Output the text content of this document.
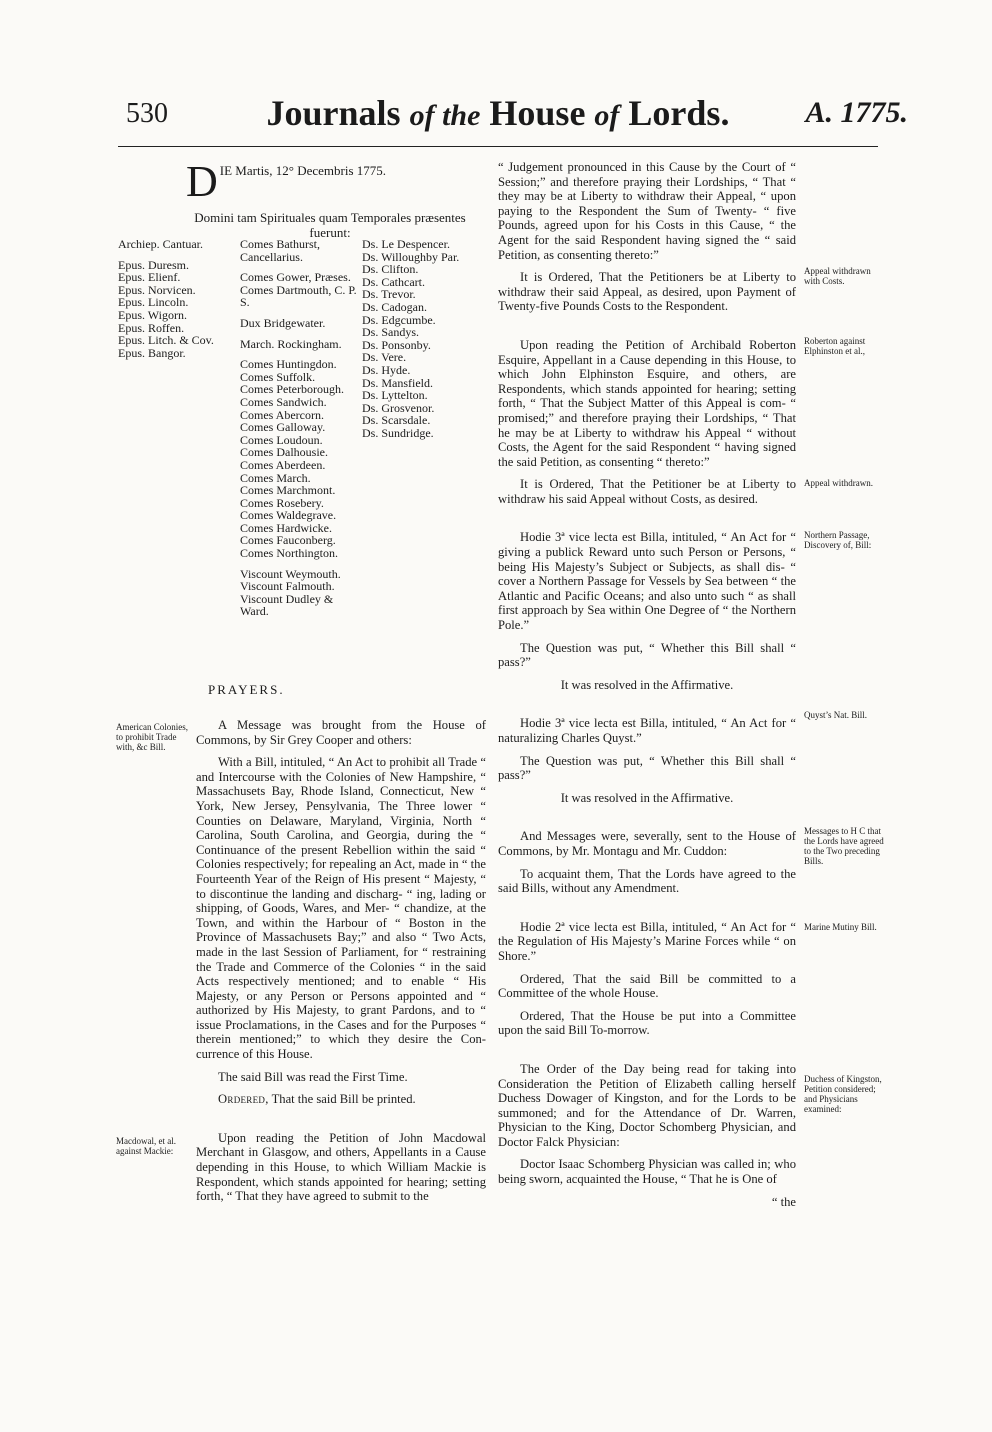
530	Journals of the House of Lords.	A. 1775.
D IE Martis, 12° Decembris 1775.
Domini tam Spirituales quam Temporales præsentes fuerunt:
Archiep. Cantuar.
Epus. Duresm.
Epus. Elienf.
Epus. Norvicen.
Epus. Lincoln.
Epus. Wigorn.
Epus. Roffen.
Epus. Litch. & Cov.
Epus. Bangor.
Comes Bathurst, Cancellarius.
Comes Gower, Præses.
Comes Dartmouth, C. P. S.
Dux Bridgewater.
March. Rockingham.
Comes Huntingdon.
Comes Suffolk.
Comes Peterborough.
Comes Sandwich.
Comes Abercorn.
Comes Galloway.
Comes Loudoun.
Comes Dalhousie.
Comes Aberdeen.
Comes March.
Comes Marchmont.
Comes Rosebery.
Comes Waldegrave.
Comes Hardwicke.
Comes Fauconberg.
Comes Northington.
Viscount Weymouth.
Viscount Falmouth.
Viscount Dudley & Ward.
Ds. Le Despencer.
Ds. Willoughby Par.
Ds. Clifton.
Ds. Cathcart.
Ds. Trevor.
Ds. Cadogan.
Ds. Edgcumbe.
Ds. Sandys.
Ds. Ponsonby.
Ds. Vere.
Ds. Hyde.
Ds. Mansfield.
Ds. Lyttelton.
Ds. Grosvenor.
Ds. Scarsdale.
Ds. Sundridge.
PRAYERS.

A Message was brought from the House of Commons, by Sir Grey Cooper and others:

With a Bill, intituled, “ An Act to prohibit all Trade “ and Intercourse with the Colonies of New Hampshire, “ Massachusets Bay, Rhode Island, Connecticut, New “ York, New Jersey, Pensylvania, The Three lower “ Counties on Delaware, Maryland, Virginia, North “ Carolina, South Carolina, and Georgia, during the “ Continuance of the present Rebellion within the said “ Colonies respectively; for repealing an Act, made in “ the Fourteenth Year of the Reign of His present “ Majesty, “ to discontinue the landing and discharg- “ ing, lading or shipping, of Goods, Wares, and Mer- “ chandize, at the Town, and within the Harbour of “ Boston in the Province of Massachusets Bay;” and also “ Two Acts, made in the last Session of Parliament, for “ restraining the Trade and Commerce of the Colonies “ in the said Acts respectively mentioned; and to enable “ His Majesty, or any Person or Persons appointed and “ authorized by His Majesty, to grant Pardons, and to “ issue Proclamations, in the Cases and for the Purposes “ therein mentioned;” to which they desire the Con- currence of this House.

The said Bill was read the First Time.

Ordered, That the said Bill be printed.

Upon reading the Petition of John Macdowal Merchant in Glasgow, and others, Appellants in a Cause depending in this House, to which William Mackie is Respondent, which stands appointed for hearing; setting forth, “ That they have agreed to submit to the

“ Judgement pronounced in this Cause by the Court of “ Session;” and therefore praying their Lordships, “ That “ they may be at Liberty to withdraw their Appeal, “ upon paying to the Respondent the Sum of Twenty- “ five Pounds, agreed upon for his Costs in this Cause, “ the Agent for the said Respondent having signed the “ said Petition, as consenting thereto:”

It is Ordered, That the Petitioners be at Liberty to withdraw their said Appeal, as desired, upon Payment of Twenty-five Pounds Costs to the Respondent.

Upon reading the Petition of Archibald Roberton Esquire, Appellant in a Cause depending in this House, to which John Elphinston Esquire, and others, are Respondents, which stands appointed for hearing; setting forth, “ That the Subject Matter of this Appeal is com- “ promised;” and therefore praying their Lordships, “ That he may be at Liberty to withdraw his Appeal “ without Costs, the Agent for the said Respondent “ having signed the said Petition, as consenting “ thereto:”

It is Ordered, That the Petitioner be at Liberty to withdraw his said Appeal without Costs, as desired.

Hodie 3ª vice lecta est Billa, intituled, “ An Act for “ giving a publick Reward unto such Person or Persons, “ being His Majesty’s Subject or Subjects, as shall dis- “ cover a Northern Passage for Vessels by Sea between “ the Atlantic and Pacific Oceans; and also unto such “ as shall first approach by Sea within One Degree of “ the Northern Pole.”

The Question was put, “ Whether this Bill shall “ pass?”

It was resolved in the Affirmative.

Hodie 3ª vice lecta est Billa, intituled, “ An Act for “ naturalizing Charles Quyst.”

The Question was put, “ Whether this Bill shall “ pass?”

It was resolved in the Affirmative.

And Messages were, severally, sent to the House of Commons, by Mr. Montagu and Mr. Cuddon:

To acquaint them, That the Lords have agreed to the said Bills, without any Amendment.

Hodie 2ª vice lecta est Billa, intituled, “ An Act for “ the Regulation of His Majesty’s Marine Forces while “ on Shore.”

Ordered, That the said Bill be committed to a Committee of the whole House.

Ordered, That the House be put into a Committee upon the said Bill To-morrow.

The Order of the Day being read for taking into Consideration the Petition of Elizabeth calling herself Duchess Dowager of Kingston, and for the Lords to be summoned; and for the Attendance of Dr. Warren, Physician to the King, Doctor Schomberg Physician, and Doctor Falck Physician:

Doctor Isaac Schomberg Physician was called in; who being sworn, acquainted the House, “ That he is One of

“ the

American Colonies, to prohibit Trade with, &c Bill.
Macdowal, et al. against Mackie:
Appeal withdrawn with Costs.
Roberton against Elphinston et al.,
Appeal withdrawn.
Northern Passage, Discovery of, Bill:
Quyst’s Nat. Bill.
Messages to H C that the Lords have agreed to the Two preceding Bills.
Marine Mutiny Bill.
Duchess of Kingston, Petition considered; and Physicians examined:
